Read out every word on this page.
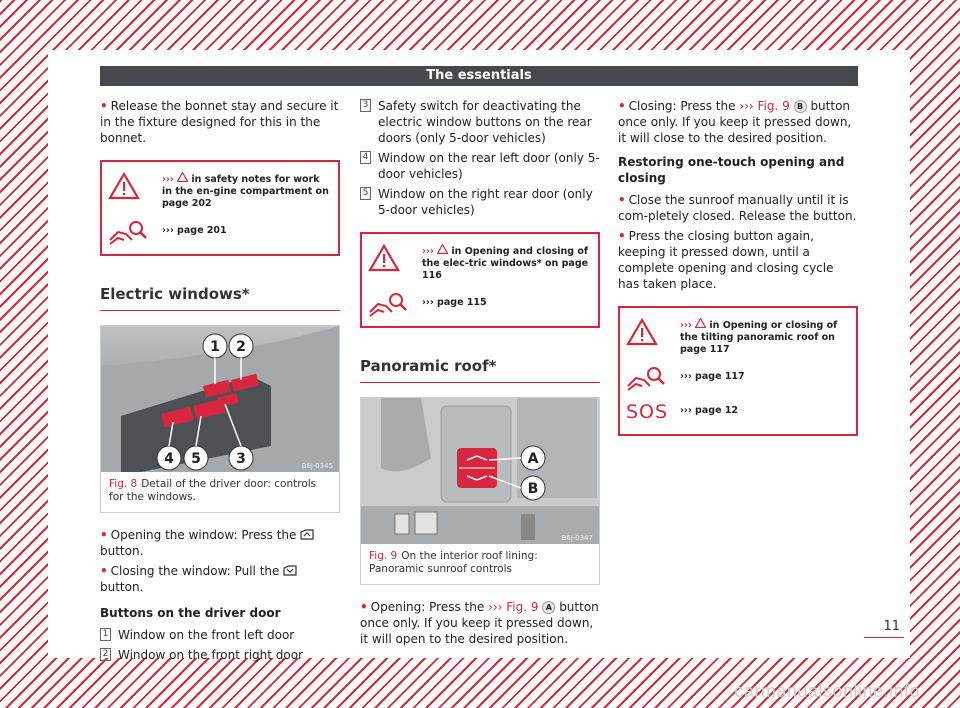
The essentials
• Release the bonnet stay and secure it in the fixture designed for this in the bonnet.
›››  in safety notes for work in the en-gine compartment on page 202
››› page 201
Electric windows*
1 2
3
4 5	B6J-0345
Fig. 8 Detail of the driver door: controls for the windows.
• Opening the window: Press the  button.
• Closing the window: Pull the  button.
Buttons on the driver door
1 Window on the front left door
2 Window on the front right door
3 Safety switch for deactivating the electric window buttons on the rear doors (only 5-door vehicles)
4 Window on the rear left door (only 5-door vehicles)
5 Window on the right rear door (only 5-door vehicles)
›››  in Opening and closing of the elec-tric windows* on page 116
››› page 115
Panoramic roof*
A
B
B6J-0347
Fig. 9 On the interior roof lining: Panoramic sunroof controls
• Opening: Press the ››› Fig. 9 A button once only. If you keep it pressed down, it will open to the desired position.
• Closing: Press the ››› Fig. 9 B button once only. If you keep it pressed down, it will close to the desired position.
Restoring one-touch opening and closing
• Close the sunroof manually until it is com-pletely closed. Release the button.
• Press the closing button again, keeping it pressed down, until a complete opening and closing cycle has taken place.
›››  in Opening or closing of the tilting panoramic roof on page 117
››› page 117
SOS ››› page 12
11
carmanualsonline.info
